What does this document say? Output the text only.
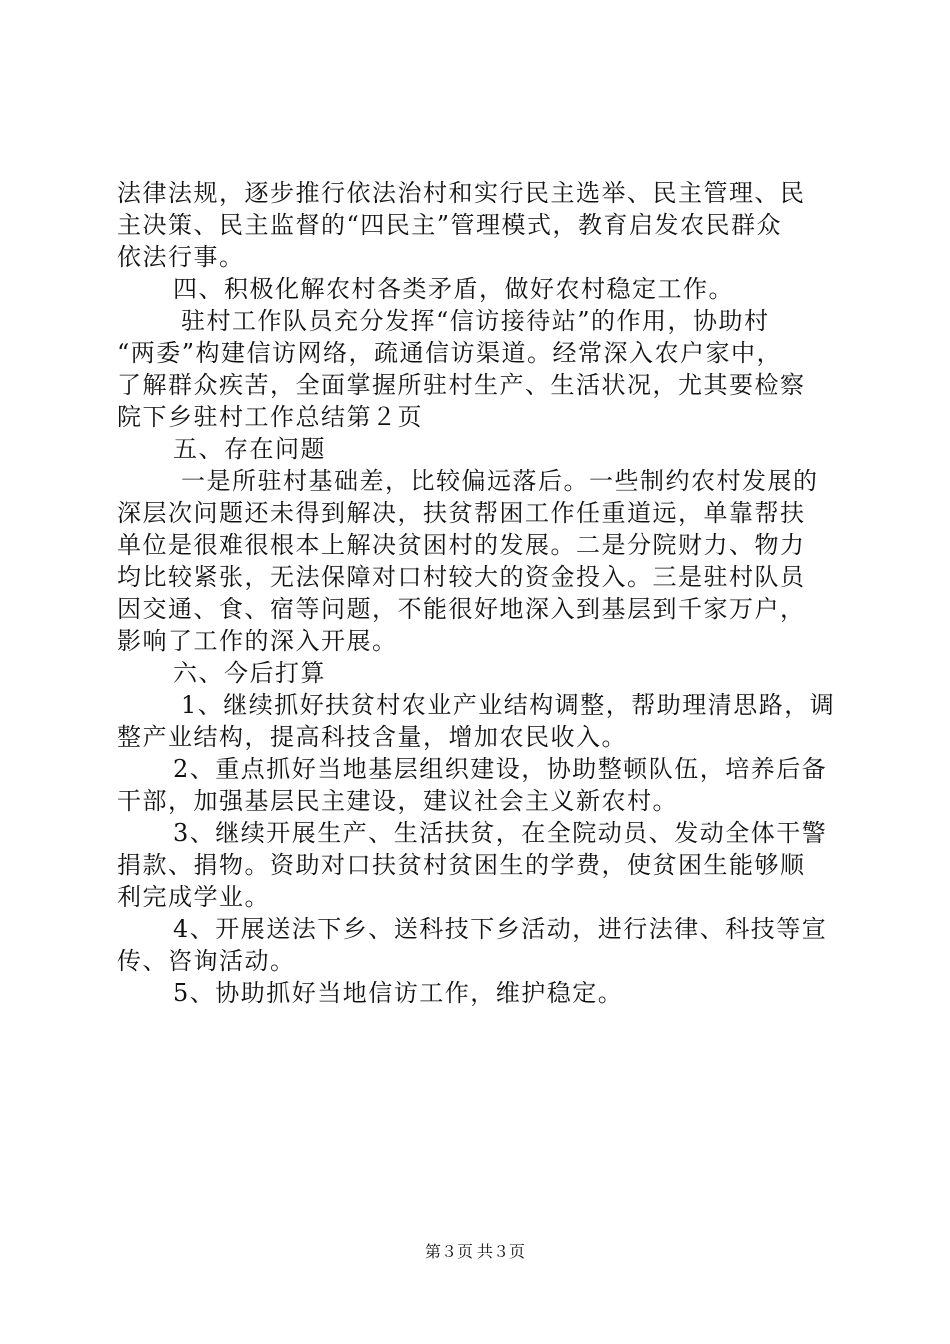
法律法规，逐步推行依法治村和实行民主选举、民主管理、民
主决策、民主监督的“四民主”管理模式，教育启发农民群众
依法行事。
四、积极化解农村各类矛盾，做好农村稳定工作。
驻村工作队员充分发挥“信访接待站”的作用，协助村
“两委”构建信访网络，疏通信访渠道。经常深入农户家中，
了解群众疾苦，全面掌握所驻村生产、生活状况，尤其要检察
院下乡驻村工作总结第２页
五、存在问题
一是所驻村基础差，比较偏远落后。一些制约农村发展的
深层次问题还未得到解决，扶贫帮困工作任重道远，单靠帮扶
单位是很难很根本上解决贫困村的发展。二是分院财力、物力
均比较紧张，无法保障对口村较大的资金投入。三是驻村队员
因交通、食、宿等问题，不能很好地深入到基层到千家万户，
影响了工作的深入开展。
六、今后打算
1、继续抓好扶贫村农业产业结构调整，帮助理清思路，调
整产业结构，提高科技含量，增加农民收入。
2、重点抓好当地基层组织建设，协助整顿队伍，培养后备
干部，加强基层民主建设，建议社会主义新农村。
3、继续开展生产、生活扶贫，在全院动员、发动全体干警
捐款、捐物。资助对口扶贫村贫困生的学费，使贫困生能够顺
利完成学业。
4、开展送法下乡、送科技下乡活动，进行法律、科技等宣
传、咨询活动。
5、协助抓好当地信访工作，维护稳定。
第３页 共３页
